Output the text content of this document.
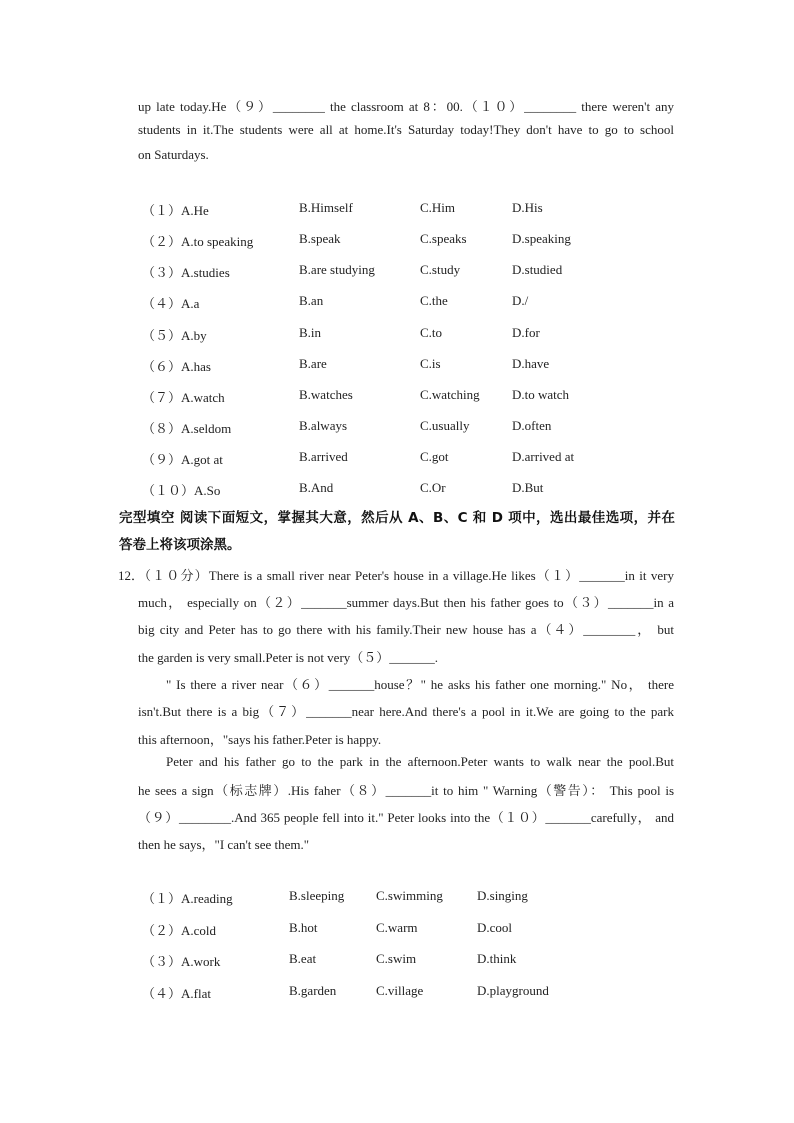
up late today.He（９）________ the classroom at 8：00.（１０）________ there weren't any
students in it.The students were all at home.It's Saturday today!They don't have to go to school
on Saturdays.
（１）A.He	B.Himself	C.Him	D.His
（２）A.to speaking	B.speak	C.speaks	D.speaking
（３）A.studies	B.are studying	C.study	D.studied
（４）A.a	B.an	C.the	D./
（５）A.by	B.in	C.to	D.for
（６）A.has	B.are	C.is	D.have
（７）A.watch	B.watches	C.watching D.to watch
（８）A.seldom	B.always	C.usually	D.often
（９）A.got at	B.arrived	C.got	D.arrived at
（１０）A.So	B.And	C.Or	D.But
完型填空 阅读下面短文，掌握其大意，然后从 A、B、C 和 D 项中，选出最佳选项，并在
答卷上将该项涂黑。
12．
（１０分）There is a small river near Peter's house in a village.He likes（１）_______in it very
much， especially on（２）_______summer days.But then his father goes to（３）_______in a
big city and Peter has to go there with his family.Their new house has a（４）________， but
the garden is very small.Peter is not very（５）_______.
" Is there a river near（６）_______house？" he asks his father one morning." No， there
isn't.But there is a big（７）_______near here.And there's a pool in it.We are going to the park
this afternoon，"says his father.Peter is happy.
Peter and his father go to the park in the afternoon.Peter wants to walk near the pool.But
he sees a sign（标志牌）.His faher（８）_______it to him " Warning（警告）： This pool is
（９）________.And 365 people fell into it." Peter looks into the（１０）_______carefully， and
then he says，"I can't see them."
（１）A.reading	B.sleeping C.swimming	D.singing
（２）A.cold	B.hot	C.warm	D.cool
（３）A.work	B.eat	C.swim	D.think
（４）A.flat	B.garden	C.village	D.playground
